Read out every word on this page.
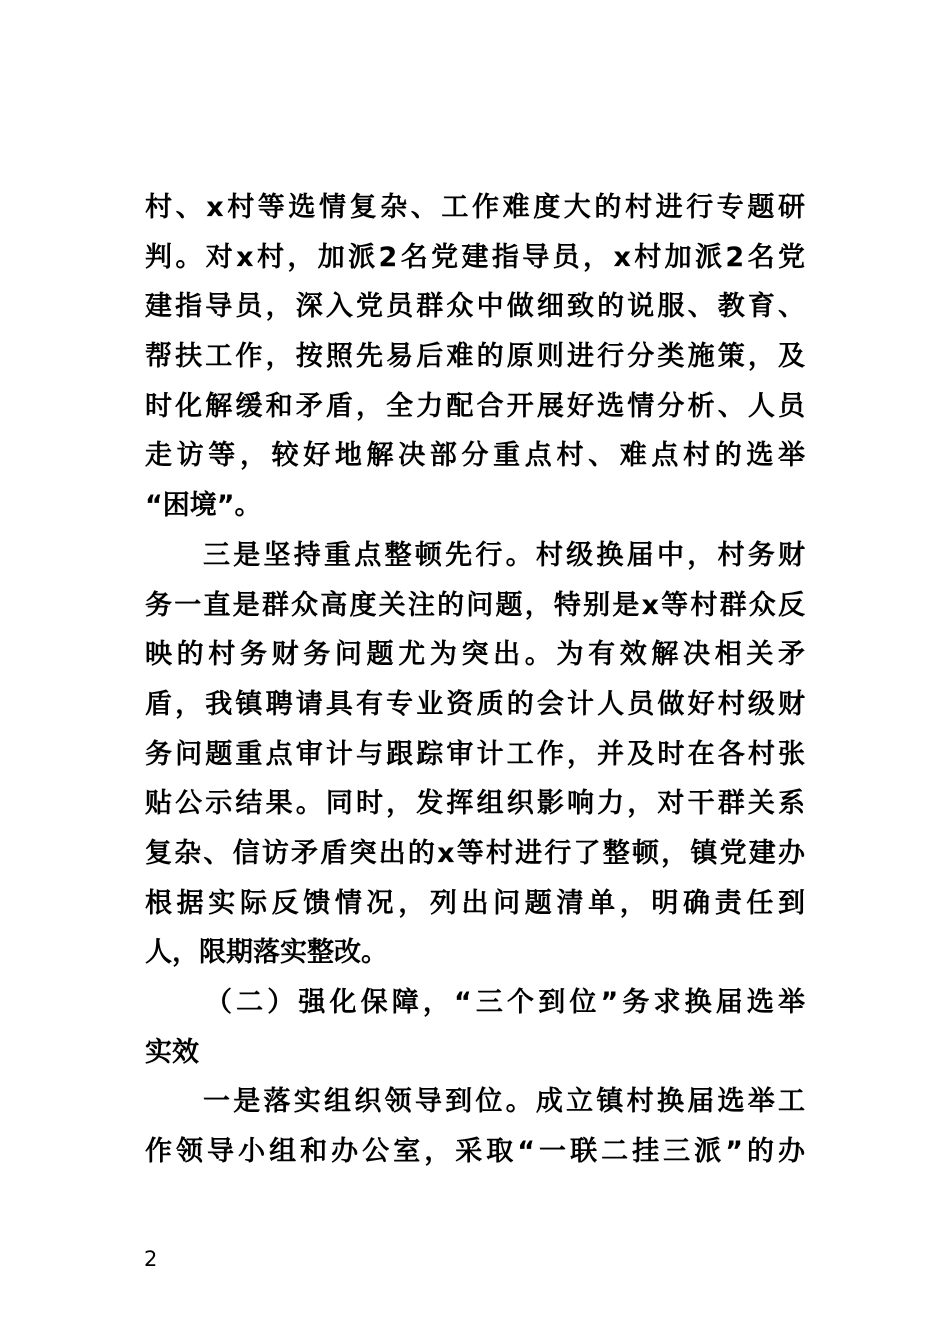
村、x村等选情复杂、工作难度大的村进行专题研
判。对x村，加派2名党建指导员，x村加派2名党
建指导员，深入党员群众中做细致的说服、教育、
帮扶工作，按照先易后难的原则进行分类施策，及
时化解缓和矛盾，全力配合开展好选情分析、人员
走访等，较好地解决部分重点村、难点村的选举
“困境”。
三是坚持重点整顿先行。村级换届中，村务财
务一直是群众高度关注的问题，特别是x等村群众反
映的村务财务问题尤为突出。为有效解决相关矛
盾，我镇聘请具有专业资质的会计人员做好村级财
务问题重点审计与跟踪审计工作，并及时在各村张
贴公示结果。同时，发挥组织影响力，对干群关系
复杂、信访矛盾突出的x等村进行了整顿，镇党建办
根据实际反馈情况，列出问题清单，明确责任到
人，限期落实整改。
（二）强化保障，“三个到位”务求换届选举
实效
一是落实组织领导到位。成立镇村换届选举工
作领导小组和办公室，采取“一联二挂三派”的办
2
